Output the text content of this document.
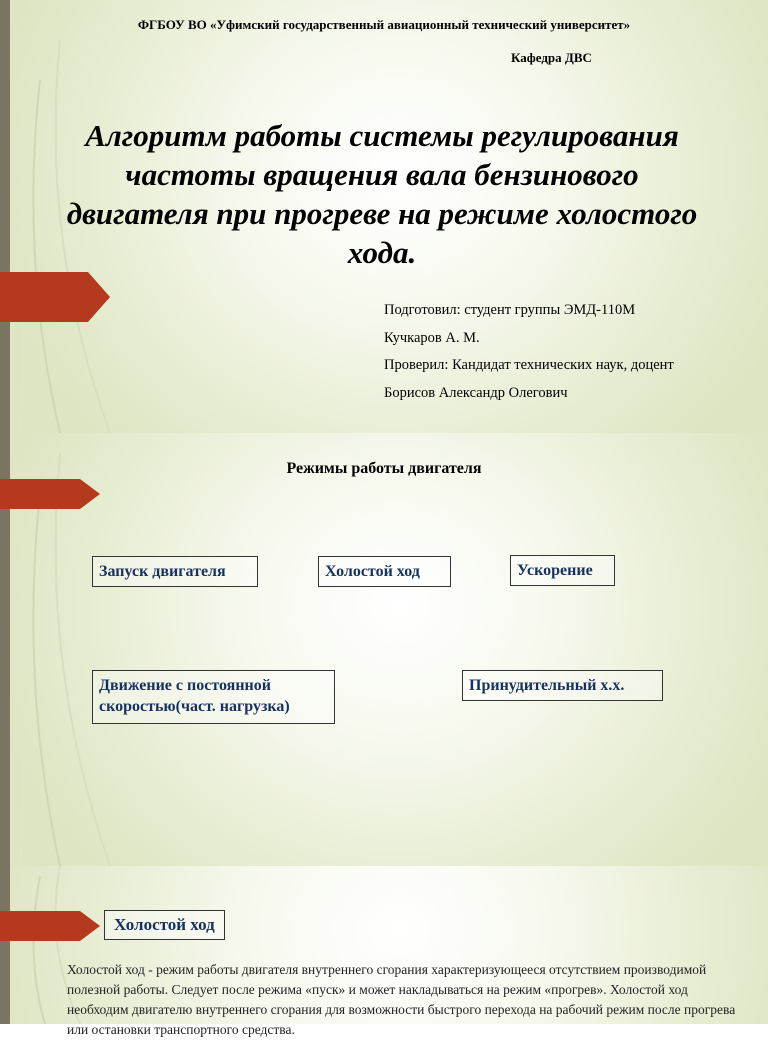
ФГБОУ ВО «Уфимский государственный авиационный технический университет»
Кафедра ДВС
Алгоритм работы системы регулирования частоты вращения вала бензинового двигателя при прогреве на режиме холостого хода.
Подготовил: студент группы ЭМД-110М
Кучкаров А. М.
Проверил: Кандидат технических наук, доцент
Борисов Александр Олегович
Режимы работы двигателя
Запуск двигателя	Холостой ход	Ускорение
Движение с постоянной скоростью(част. нагрузка)
Принудительный х.х.
Холостой ход
Холостой ход - режим работы двигателя внутреннего сгорания характеризующееся отсутствием производимой полезной работы. Следует после режима «пуск» и может накладываться на режим «прогрев». Холостой ход необходим двигателю внутреннего сгорания для возможности быстрого перехода на рабочий режим после прогрева или остановки транспортного средства.
